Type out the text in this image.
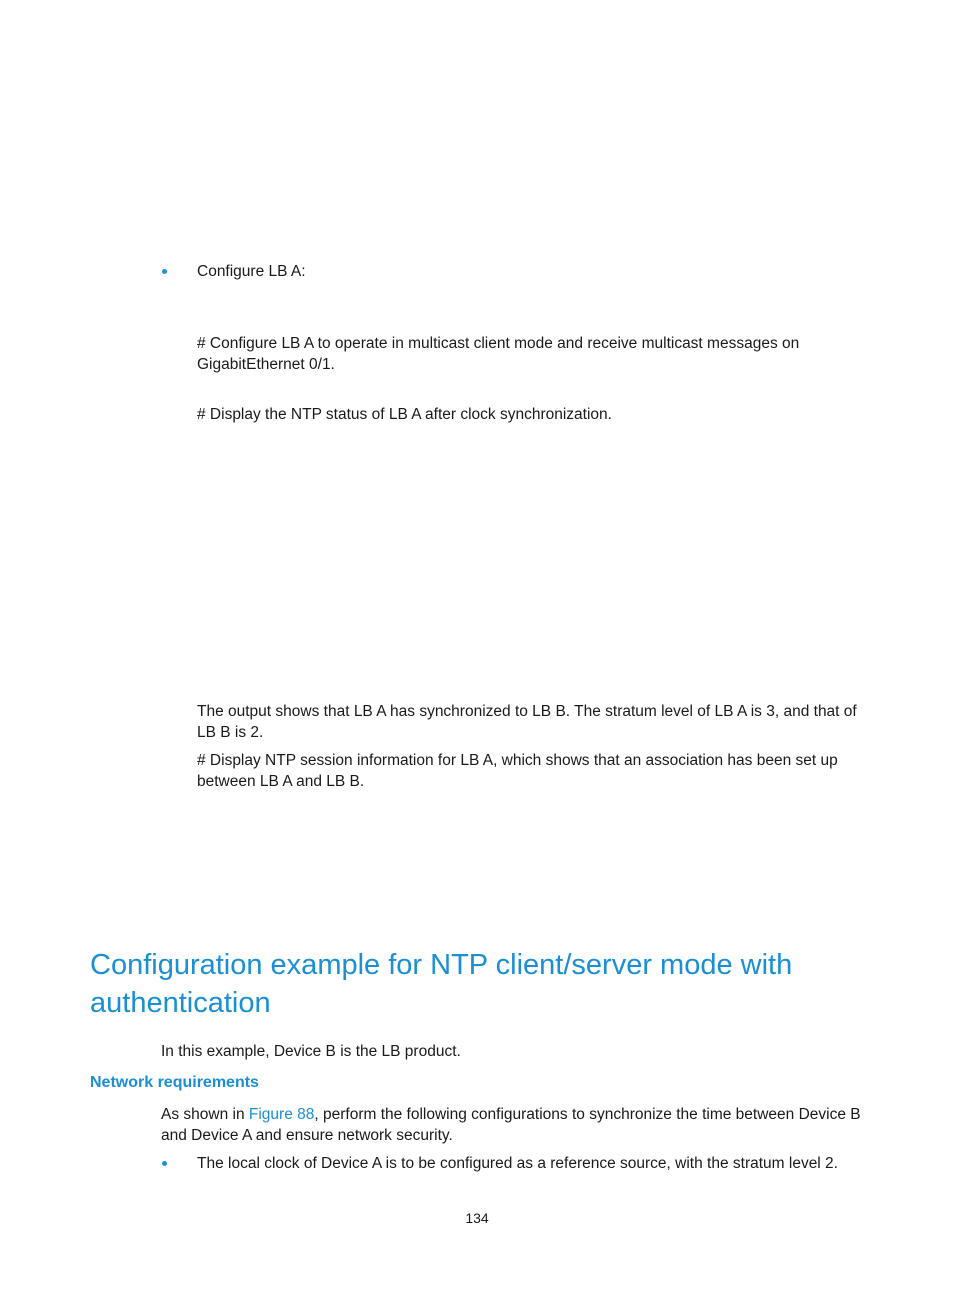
Configure LB A:
# Configure LB A to operate in multicast client mode and receive multicast messages on GigabitEthernet 0/1.
# Display the NTP status of LB A after clock synchronization.
The output shows that LB A has synchronized to LB B. The stratum level of LB A is 3, and that of LB B is 2.
# Display NTP session information for LB A, which shows that an association has been set up between LB A and LB B.
Configuration example for NTP client/server mode with authentication
In this example, Device B is the LB product.
Network requirements
As shown in Figure 88, perform the following configurations to synchronize the time between Device B and Device A and ensure network security.
The local clock of Device A is to be configured as a reference source, with the stratum level 2.
134
